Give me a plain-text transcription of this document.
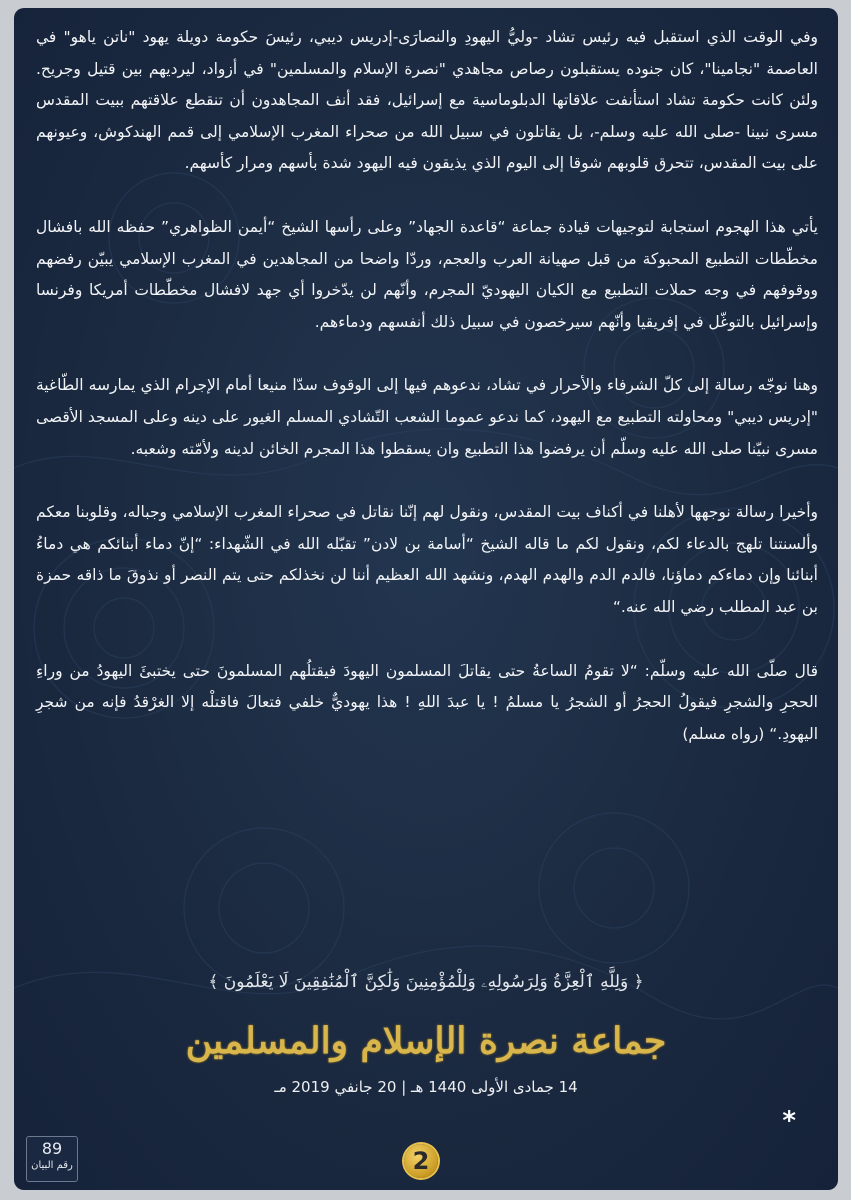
وفي الوقت الذي استقبل فيه رئيس تشاد -وليُّ اليهودِ والنصارَى-إدريس ديبي، رئيسَ حكومة دويلة يهود "ناتن ياهو" في العاصمة "نجامينا"، كان جنوده يستقبلون رصاص مجاهدي "نصرة الإسلام والمسلمين" في أزواد، ليرديهم بين قتيل وجريح. ولئن كانت حكومة تشاد استأنفت علاقاتها الدبلوماسية مع إسرائيل، فقد أنف المجاهدون أن تنقطع علاقتهم ببيت المقدس مسرى نبينا -صلى الله عليه وسلم-، بل يقاتلون في سبيل الله من صحراء المغرب الإسلامي إلى قمم الهندكوش، وعيونهم على بيت المقدس، تتحرق قلوبهم شوقا إلى اليوم الذي يذيقون فيه اليهود شدة بأسهم ومرار كأسهم.

يأتي هذا الهجوم استجابة لتوجيهات قيادة جماعة “قاعدة الجهاد” وعلى رأسها الشيخ “أيمن الظواهري” حفظه الله بافشال مخطّطات التطبيع المحبوكة من قبل صهيانة العرب والعجم، وردّا واضحا من المجاهدين في المغرب الإسلامي يبيّن رفضهم ووقوفهم في وجه حملات التطبيع مع الكيان اليهوديّ المجرم، وأنّهم لن يدّخروا أي جهد لافشال مخطّطات أمريكا وفرنسا وإسرائيل بالتوغّل في إفريقيا وأنّهم سيرخصون في سبيل ذلك أنفسهم ودماءهم.

وهنا نوجّه رسالة إلى كلّ الشرفاء والأحرار في تشاد، ندعوهم فيها إلى الوقوف سدّا منيعا أمام الإجرام الذي يمارسه الطّاغية "إدريس ديبي" ومحاولته التطبيع مع اليهود، كما ندعو عموما الشعب التّشادي المسلم الغيور على دينه وعلى المسجد الأقصى مسرى نبيّنا صلى الله عليه وسلّم أن يرفضوا هذا التطبيع وان يسقطوا هذا المجرم الخائن لدينه ولأمّته وشعبه.

وأخيرا رسالة نوجهها لأهلنا في أكناف بيت المقدس، ونقول لهم إنّنا نقاتل في صحراء المغرب الإسلامي وجباله، وقلوبنا معكم وألسنتنا تلهج بالدعاء لكم، ونقول لكم ما قاله الشيخ “أسامة بن لادن” تقبّله الله في الشّهداء: “إنّ دماء أبنائكم هي دماءُ أبنائنا وإن دماءكم دماؤنا، فالدم الدم والهدم الهدم، ونشهد الله العظيم أننا لن نخذلكم حتى يتم النصر أو نذوقَ ما ذاقه حمزة بن عبد المطلب رضي الله عنه.“

قال صلّى الله عليه وسلّم: “لا تقومُ الساعةُ حتى يقاتلَ المسلمون اليهودَ فيقتلُهم المسلمونَ حتى يختبئَ اليهودُ من وراءِ الحجرِ والشجرِ فيقولُ الحجرُ أو الشجرُ يا مسلمُ ! يا عبدَ اللهِ ! هذا يهوديٌّ خلفي فتعالَ فاقتلْه إلا الغرْقدُ فإنه من شجرِ اليهودِ.“ (رواه مسلم)

﴿ وَلِلَّهِ ٱلْعِزَّةُ وَلِرَسُولِهِۦ وَلِلْمُؤْمِنِينَ وَلَٰكِنَّ ٱلْمُنَٰفِقِينَ لَا يَعْلَمُونَ ﴾
جماعة نصرة الإسلام والمسلمين
14 جمادى الأولى 1440 هـ | 20 جانفي 2019 مـ
*
89
رقم البيان	2
